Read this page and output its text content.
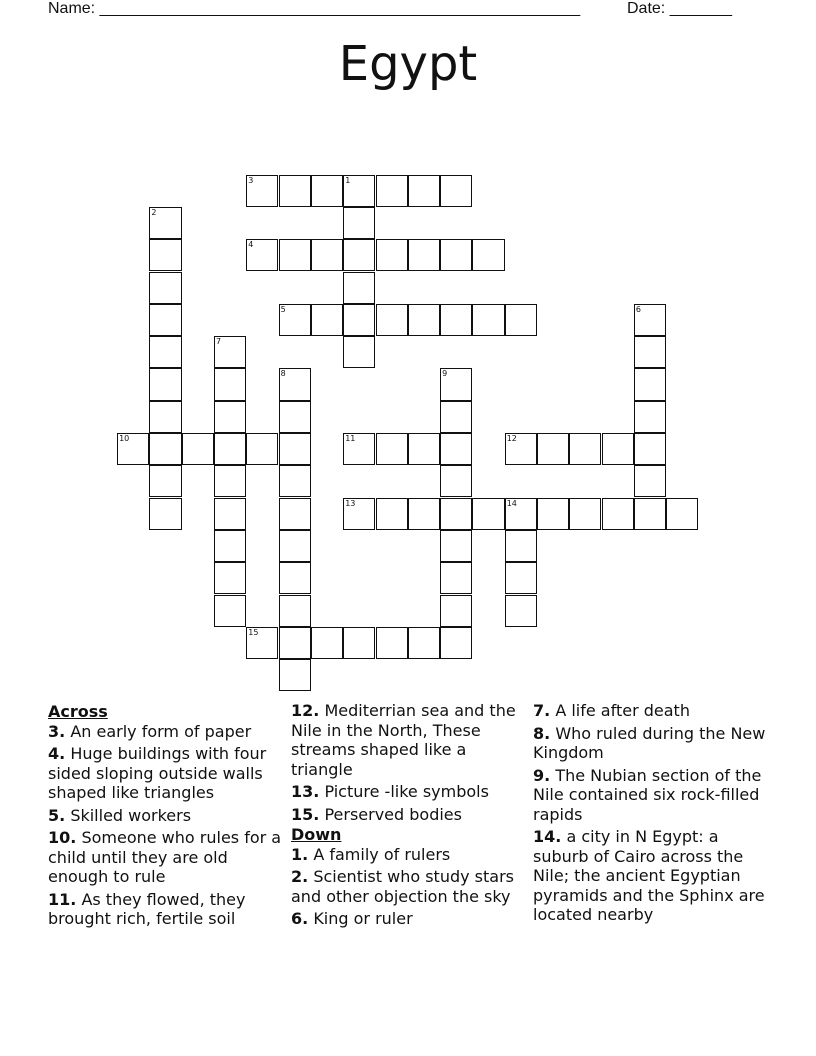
Name: ______________________________________________________	Date: _______
Egypt
1
3
4
5
2
6
7
8	9
10	11	12
13	14
15
Across
3. An early form of paper
4. Huge buildings with four sided sloping outside walls shaped like triangles
5. Skilled workers
10. Someone who rules for a child until they are old enough to rule
11. As they flowed, they brought rich, fertile soil
12. Mediterrian sea and the Nile in the North, These streams shaped like a triangle
13. Picture -like symbols
15. Perserved bodies
Down
1. A family of rulers
2. Scientist who study stars and other objection the sky
6. King or ruler
7. A life after death
8. Who ruled during the New Kingdom
9. The Nubian section of the Nile contained six rock-filled rapids
14. a city in N Egypt: a suburb of Cairo across the Nile; the ancient Egyptian pyramids and the Sphinx are located nearby
